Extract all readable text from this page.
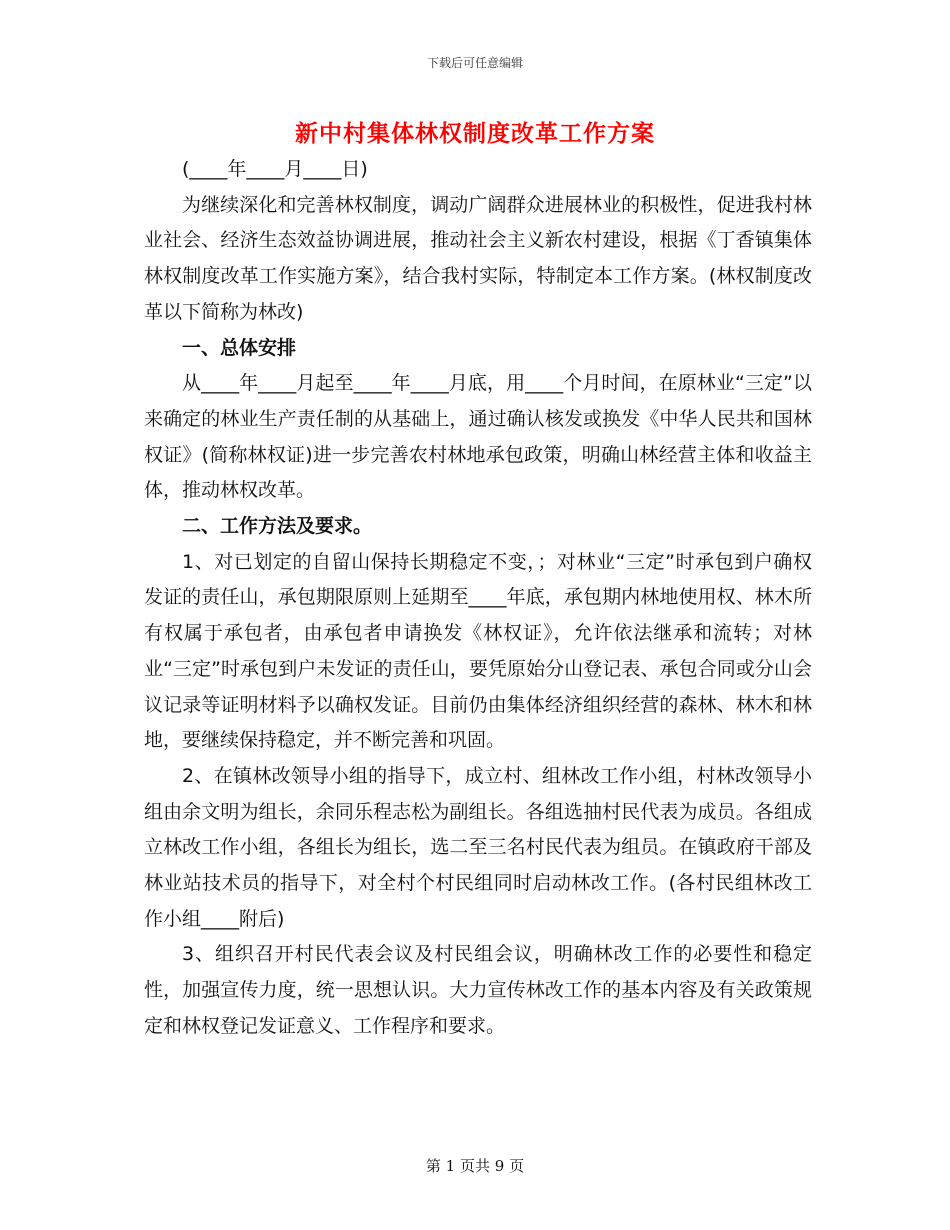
下载后可任意编辑
新中村集体林权制度改革工作方案

(____年____月____日)

为继续深化和完善林权制度，调动广阔群众进展林业的积极性，促进我村林业社会、经济生态效益协调进展，推动社会主义新农村建设，根据《丁香镇集体林权制度改革工作实施方案》，结合我村实际，特制定本工作方案。(林权制度改革以下简称为林改)

一、总体安排

从____年____月起至____年____月底，用____个月时间，在原林业“三定”以来确定的林业生产责任制的从基础上，通过确认核发或换发《中华人民共和国林权证》(简称林权证)进一步完善农村林地承包政策，明确山林经营主体和收益主体，推动林权改革。

二、工作方法及要求。

1、对已划定的自留山保持长期稳定不变，；对林业“三定”时承包到户确权发证的责任山，承包期限原则上延期至____年底，承包期内林地使用权、林木所有权属于承包者，由承包者申请换发《林权证》，允许依法继承和流转；对林业“三定”时承包到户未发证的责任山，要凭原始分山登记表、承包合同或分山会议记录等证明材料予以确权发证。目前仍由集体经济组织经营的森林、林木和林地，要继续保持稳定，并不断完善和巩固。

2、在镇林改领导小组的指导下，成立村、组林改工作小组，村林改领导小组由余文明为组长，余同乐程志松为副组长。各组选抽村民代表为成员。各组成立林改工作小组，各组长为组长，选二至三名村民代表为组员。在镇政府干部及林业站技术员的指导下，对全村个村民组同时启动林改工作。(各村民组林改工作小组____附后)

3、组织召开村民代表会议及村民组会议，明确林改工作的必要性和稳定性，加强宣传力度，统一思想认识。大力宣传林改工作的基本内容及有关政策规定和林权登记发证意义、工作程序和要求。

第 1 页共 9 页
